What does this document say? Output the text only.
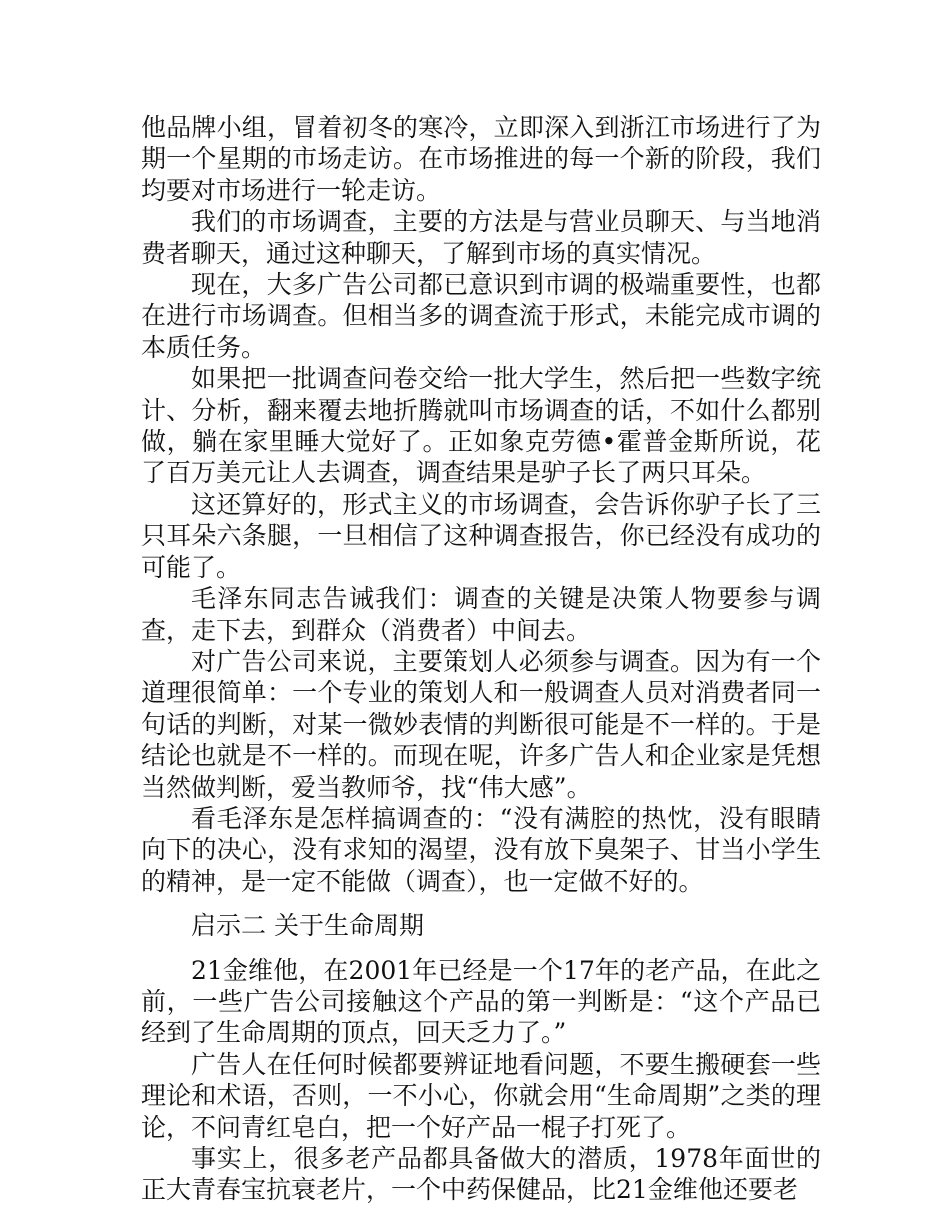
他品牌小组，冒着初冬的寒冷，立即深入到浙江市场进行了为期一个星期的市场走访。在市场推进的每一个新的阶段，我们均要对市场进行一轮走访。

我们的市场调查，主要的方法是与营业员聊天、与当地消费者聊天，通过这种聊天，了解到市场的真实情况。

现在，大多广告公司都已意识到市调的极端重要性，也都在进行市场调查。但相当多的调查流于形式，未能完成市调的本质任务。

如果把一批调查问卷交给一批大学生，然后把一些数字统计、分析，翻来覆去地折腾就叫市场调查的话，不如什么都别做，躺在家里睡大觉好了。正如象克劳德•霍普金斯所说，花了百万美元让人去调查，调查结果是驴子长了两只耳朵。

这还算好的，形式主义的市场调查，会告诉你驴子长了三只耳朵六条腿，一旦相信了这种调查报告，你已经没有成功的可能了。

毛泽东同志告诫我们：调查的关键是决策人物要参与调查，走下去，到群众（消费者）中间去。

对广告公司来说，主要策划人必须参与调查。因为有一个道理很简单：一个专业的策划人和一般调查人员对消费者同一句话的判断，对某一微妙表情的判断很可能是不一样的。于是结论也就是不一样的。而现在呢，许多广告人和企业家是凭想当然做判断，爱当教师爷，找“伟大感”。

看毛泽东是怎样搞调查的：“没有满腔的热忱，没有眼睛向下的决心，没有求知的渴望，没有放下臭架子、甘当小学生的精神，是一定不能做（调查），也一定做不好的。

启示二 关于生命周期

21金维他，在2001年已经是一个17年的老产品，在此之前，一些广告公司接触这个产品的第一判断是：“这个产品已经到了生命周期的顶点，回天乏力了。”

广告人在任何时候都要辨证地看问题，不要生搬硬套一些理论和术语，否则，一不小心，你就会用“生命周期”之类的理论，不问青红皂白，把一个好产品一棍子打死了。

事实上，很多老产品都具备做大的潜质，1978年面世的正大青春宝抗衰老片，一个中药保健品，比21金维他还要老
